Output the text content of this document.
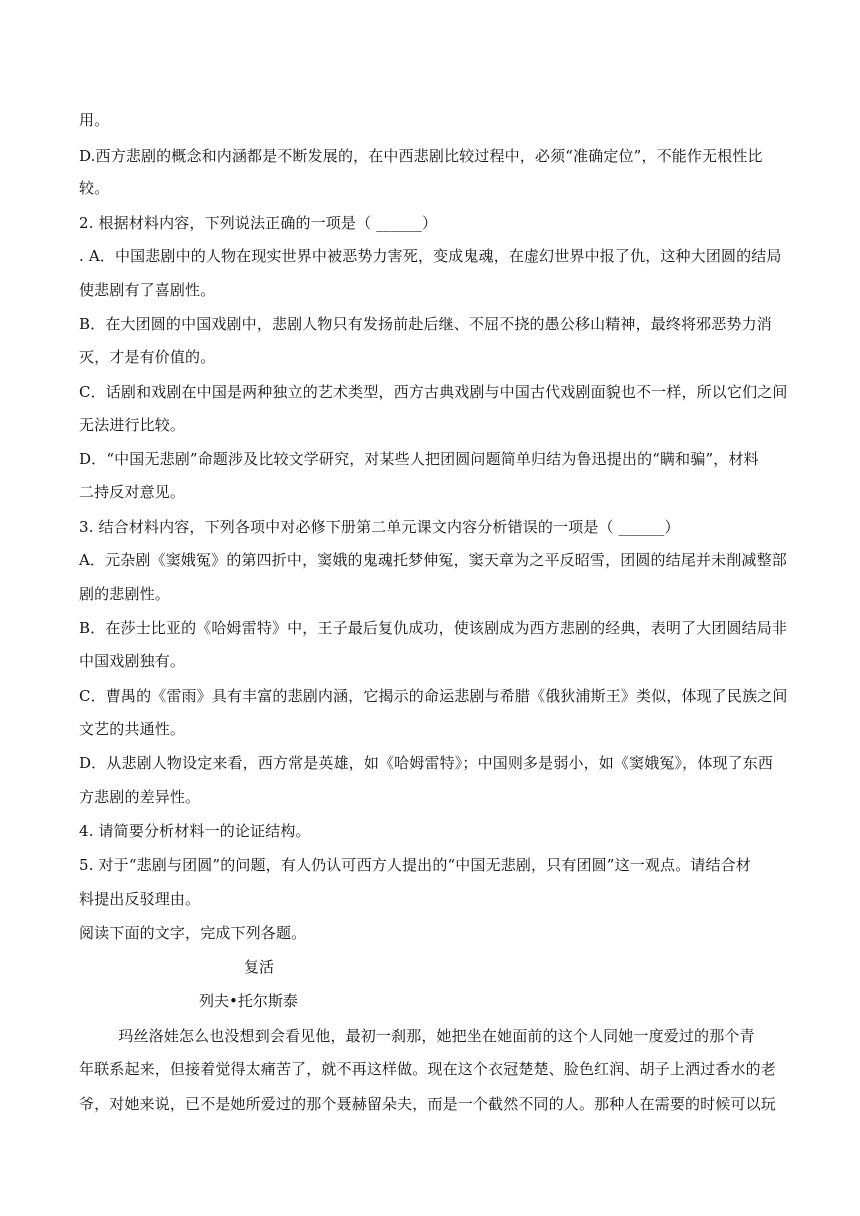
用。
D.西方悲剧的概念和内涵都是不断发展的，在中西悲剧比较过程中，必须“准确定位”，不能作无根性比
较。
2. 根据材料内容，下列说法正确的一项是（ ______）
. A．中国悲剧中的人物在现实世界中被恶势力害死，变成鬼魂，在虚幻世界中报了仇，这种大团圆的结局
使悲剧有了喜剧性。
B．在大团圆的中国戏剧中，悲剧人物只有发扬前赴后继、不屈不挠的愚公移山精神，最终将邪恶势力消
灭，才是有价值的。
C．话剧和戏剧在中国是两种独立的艺术类型，西方古典戏剧与中国古代戏剧面貌也不一样，所以它们之间
无法进行比较。
D．“中国无悲剧”命题涉及比较文学研究，对某些人把团圆问题简单归结为鲁迅提出的“瞒和骗”，材料
二持反对意见。
3. 结合材料内容，下列各项中对必修下册第二单元课文内容分析错误的一项是（ ______）
A．元杂剧《窦娥冤》的第四折中，窦娥的鬼魂托梦伸冤，窦天章为之平反昭雪，团圆的结尾并未削减整部
剧的悲剧性。
B．在莎士比亚的《哈姆雷特》中，王子最后复仇成功，使该剧成为西方悲剧的经典，表明了大团圆结局非
中国戏剧独有。
C．曹禺的《雷雨》具有丰富的悲剧内涵，它揭示的命运悲剧与希腊《俄狄浦斯王》类似，体现了民族之间
文艺的共通性。
D．从悲剧人物设定来看，西方常是英雄，如《哈姆雷特》；中国则多是弱小，如《窦娥冤》，体现了东西
方悲剧的差异性。
4. 请简要分析材料一的论证结构。
5. 对于“悲剧与团圆”的问题，有人仍认可西方人提出的“中国无悲剧，只有团圆”这一观点。请结合材
料提出反驳理由。
阅读下面的文字，完成下列各题。
复活
列夫•托尔斯泰
玛丝洛娃怎么也没想到会看见他，最初一刹那，她把坐在她面前的这个人同她一度爱过的那个青
年联系起来，但接着觉得太痛苦了，就不再这样做。现在这个衣冠楚楚、脸色红润、胡子上洒过香水的老
爷，对她来说，已不是她所爱过的那个聂赫留朵夫，而是一个截然不同的人。那种人在需要的时候可以玩
